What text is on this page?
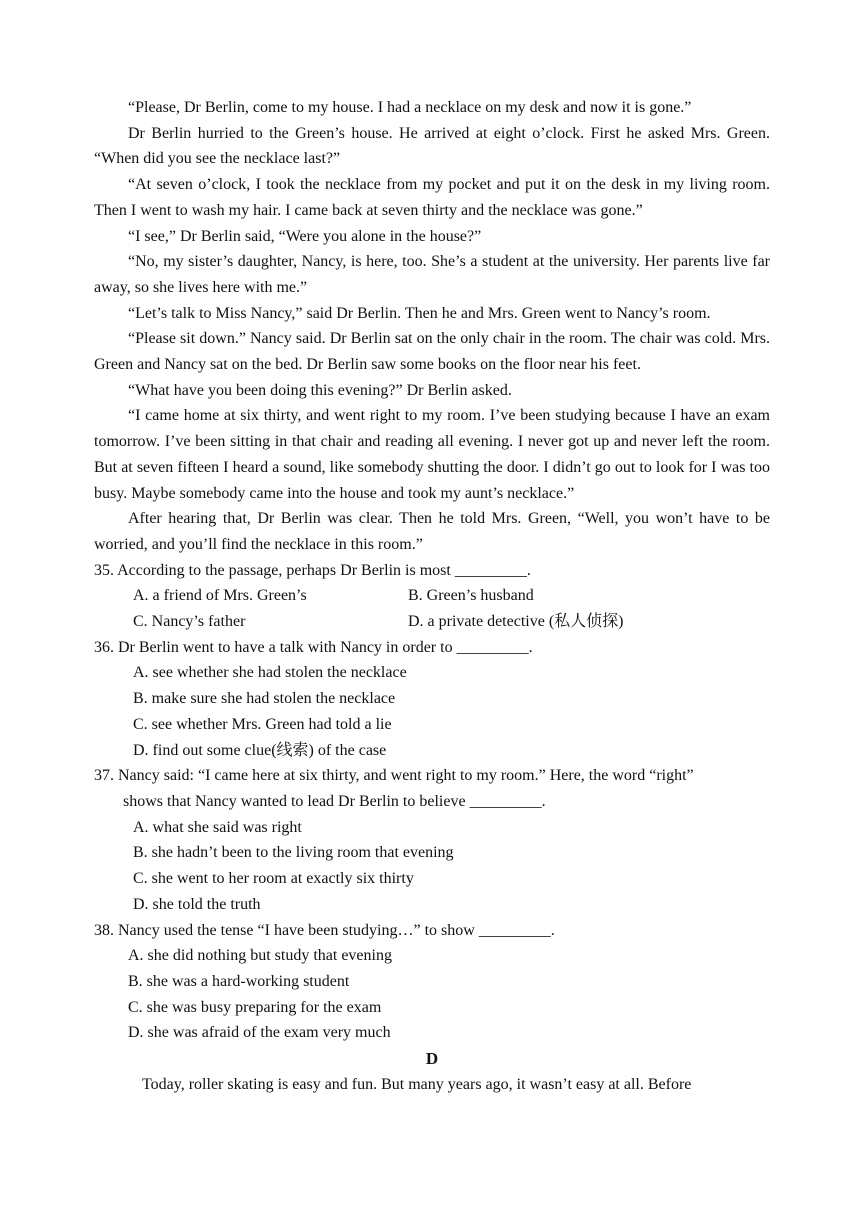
“Please, Dr Berlin, come to my house. I had a necklace on my desk and now it is gone.”

Dr Berlin hurried to the Green’s house. He arrived at eight o’clock. First he asked Mrs. Green. “When did you see the necklace last?”

“At seven o’clock, I took the necklace from my pocket and put it on the desk in my living room. Then I went to wash my hair. I came back at seven thirty and the necklace was gone.”

“I see,” Dr Berlin said, “Were you alone in the house?”

“No, my sister’s daughter, Nancy, is here, too. She’s a student at the university. Her parents live far away, so she lives here with me.”

“Let’s talk to Miss Nancy,” said Dr Berlin. Then he and Mrs. Green went to Nancy’s room.

“Please sit down.” Nancy said. Dr Berlin sat on the only chair in the room. The chair was cold. Mrs. Green and Nancy sat on the bed. Dr Berlin saw some books on the floor near his feet.

“What have you been doing this evening?” Dr Berlin asked.

“I came home at six thirty, and went right to my room. I’ve been studying because I have an exam tomorrow. I’ve been sitting in that chair and reading all evening. I never got up and never left the room. But at seven fifteen I heard a sound, like somebody shutting the door. I didn’t go out to look for I was too busy. Maybe somebody came into the house and took my aunt’s necklace.”

After hearing that, Dr Berlin was clear. Then he told Mrs. Green, “Well, you won’t have to be worried, and you’ll find the necklace in this room.”

35. According to the passage, perhaps Dr Berlin is most _________.

A. a friend of Mrs. Green’s	B. Green’s husband
C. Nancy’s father	D. a private detective (私人侦探)

36. Dr Berlin went to have a talk with Nancy in order to _________.

A. see whether she had stolen the necklace

B. make sure she had stolen the necklace

C. see whether Mrs. Green had told a lie

D. find out some clue(线索) of the case

37. Nancy said: “I came here at six thirty, and went right to my room.” Here, the word “right”

shows that Nancy wanted to lead Dr Berlin to believe _________.

A. what she said was right

B. she hadn’t been to the living room that evening

C. she went to her room at exactly six thirty

D. she told the truth

38. Nancy used the tense “I have been studying…” to show _________.

A. she did nothing but study that evening

B. she was a hard-working student

C. she was busy preparing for the exam

D. she was afraid of the exam very much

D

Today, roller skating is easy and fun. But many years ago, it wasn’t easy at all. Before
